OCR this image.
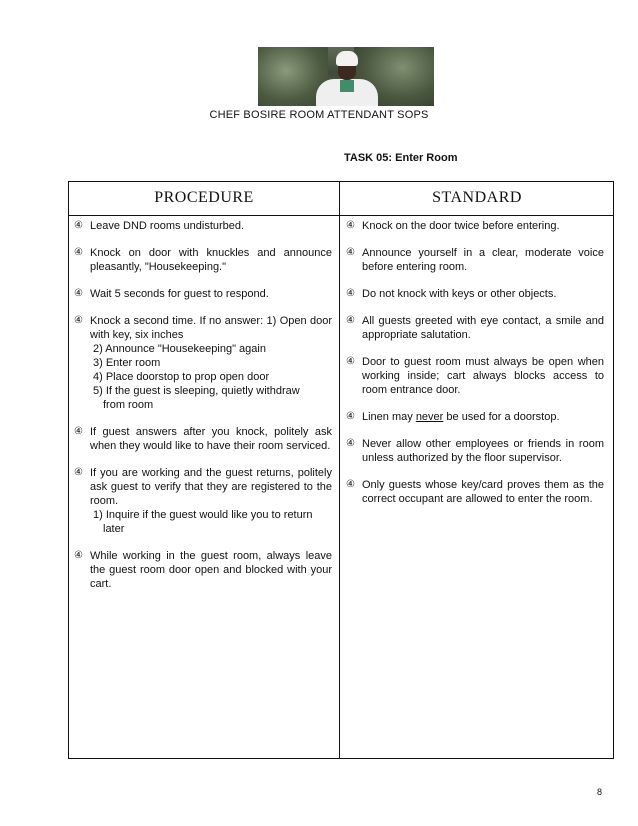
CHEF BOSIRE ROOM ATTENDANT SOPS
TASK 05: Enter Room
PROCEDURE	STANDARD
④ Leave DND rooms undisturbed.
④ Knock on door with knuckles and announce pleasantly, "Housekeeping."
④ Wait 5 seconds for guest to respond.
④ Knock a second time. If no answer: 1) Open door with key, six inches
2) Announce "Housekeeping" again
3) Enter room
4) Place doorstop to prop open door
5) If the guest is sleeping, quietly withdraw
from room
④ If guest answers after you knock, politely ask when they would like to have their room serviced.
④ If you are working and the guest returns, politely ask guest to verify that they are registered to the room.
1) Inquire if the guest would like you to return
later
④ While working in the guest room, always leave the guest room door open and blocked with your cart.
④ Knock on the door twice before entering.
④ Announce yourself in a clear, moderate voice before entering room.
④ Do not knock with keys or other objects.
④ All guests greeted with eye contact, a smile and appropriate salutation.
④ Door to guest room must always be open when working inside; cart always blocks access to room entrance door.
④ Linen may never be used for a doorstop.
④ Never allow other employees or friends in room unless authorized by the floor supervisor.
④ Only guests whose key/card proves them as the correct occupant are allowed to enter the room.
8
